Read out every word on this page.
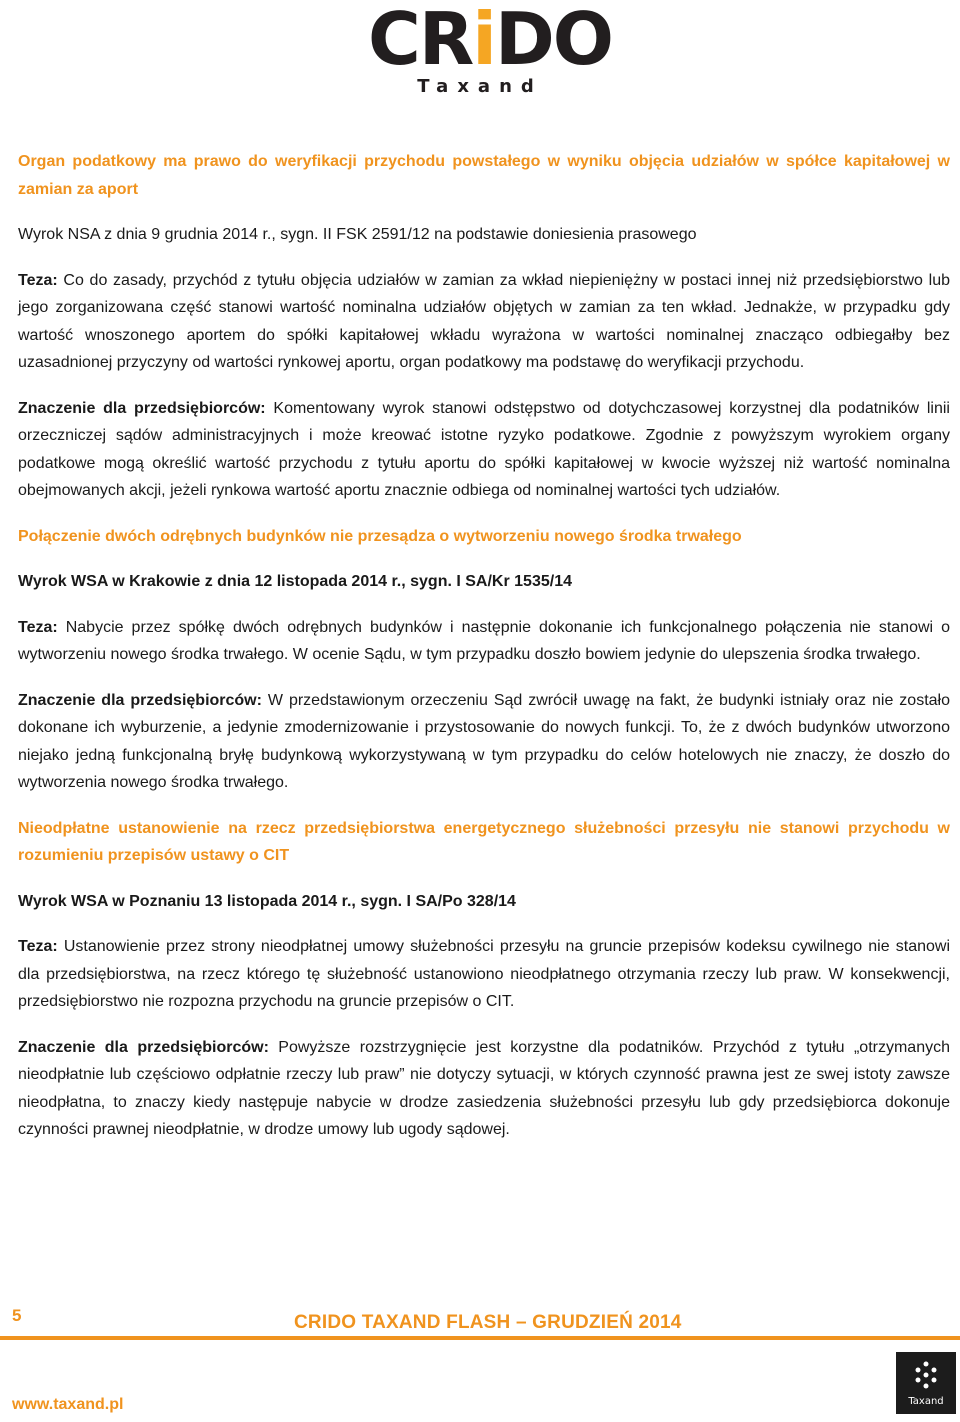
CRiDO
Taxand

Organ podatkowy ma prawo do weryfikacji przychodu powstałego w wyniku objęcia udziałów w spółce kapitałowej w zamian za aport

Wyrok NSA z dnia 9 grudnia 2014 r., sygn. II FSK 2591/12 na podstawie doniesienia prasowego

Teza: Co do zasady, przychód z tytułu objęcia udziałów w zamian za wkład niepieniężny w postaci innej niż przedsiębiorstwo lub jego zorganizowana część stanowi wartość nominalna udziałów objętych w zamian za ten wkład. Jednakże, w przypadku gdy wartość wnoszonego aportem do spółki kapitałowej wkładu wyrażona w wartości nominalnej znacząco odbiegałby bez uzasadnionej przyczyny od wartości rynkowej aportu, organ podatkowy ma podstawę do weryfikacji przychodu.

Znaczenie dla przedsiębiorców: Komentowany wyrok stanowi odstępstwo od dotychczasowej korzystnej dla podatników linii orzeczniczej sądów administracyjnych i może kreować istotne ryzyko podatkowe. Zgodnie z powyższym wyrokiem organy podatkowe mogą określić wartość przychodu z tytułu aportu do spółki kapitałowej w kwocie wyższej niż wartość nominalna obejmowanych akcji, jeżeli rynkowa wartość aportu znacznie odbiega od nominalnej wartości tych udziałów.

Połączenie dwóch odrębnych budynków nie przesądza o wytworzeniu nowego środka trwałego

Wyrok WSA w Krakowie z dnia 12 listopada 2014 r., sygn. I SA/Kr 1535/14

Teza: Nabycie przez spółkę dwóch odrębnych budynków i następnie dokonanie ich funkcjonalnego połączenia nie stanowi o wytworzeniu nowego środka trwałego. W ocenie Sądu, w tym przypadku doszło bowiem jedynie do ulepszenia środka trwałego.

Znaczenie dla przedsiębiorców: W przedstawionym orzeczeniu Sąd zwrócił uwagę na fakt, że budynki istniały oraz nie zostało dokonane ich wyburzenie, a jedynie zmodernizowanie i przystosowanie do nowych funkcji. To, że z dwóch budynków utworzono niejako jedną funkcjonalną bryłę budynkową wykorzystywaną w tym przypadku do celów hotelowych nie znaczy, że doszło do wytworzenia nowego środka trwałego.

Nieodpłatne ustanowienie na rzecz przedsiębiorstwa energetycznego służebności przesyłu nie stanowi przychodu w rozumieniu przepisów ustawy o CIT

Wyrok WSA w Poznaniu 13 listopada 2014 r., sygn. I SA/Po 328/14

Teza: Ustanowienie przez strony nieodpłatnej umowy służebności przesyłu na gruncie przepisów kodeksu cywilnego nie stanowi dla przedsiębiorstwa, na rzecz którego tę służebność ustanowiono nieodpłatnego otrzymania rzeczy lub praw. W konsekwencji, przedsiębiorstwo nie rozpozna przychodu na gruncie przepisów o CIT.

Znaczenie dla przedsiębiorców: Powyższe rozstrzygnięcie jest korzystne dla podatników. Przychód z tytułu „otrzymanych nieodpłatnie lub częściowo odpłatnie rzeczy lub praw” nie dotyczy sytuacji, w których czynność prawna jest ze swej istoty zawsze nieodpłatna, to znaczy kiedy następuje nabycie w drodze zasiedzenia służebności przesyłu lub gdy przedsiębiorca dokonuje czynności prawnej nieodpłatnie, w drodze umowy lub ugody sądowej.

5	CRIDO TAXAND FLASH – GRUDZIEŃ 2014
www.taxand.pl	Taxand
